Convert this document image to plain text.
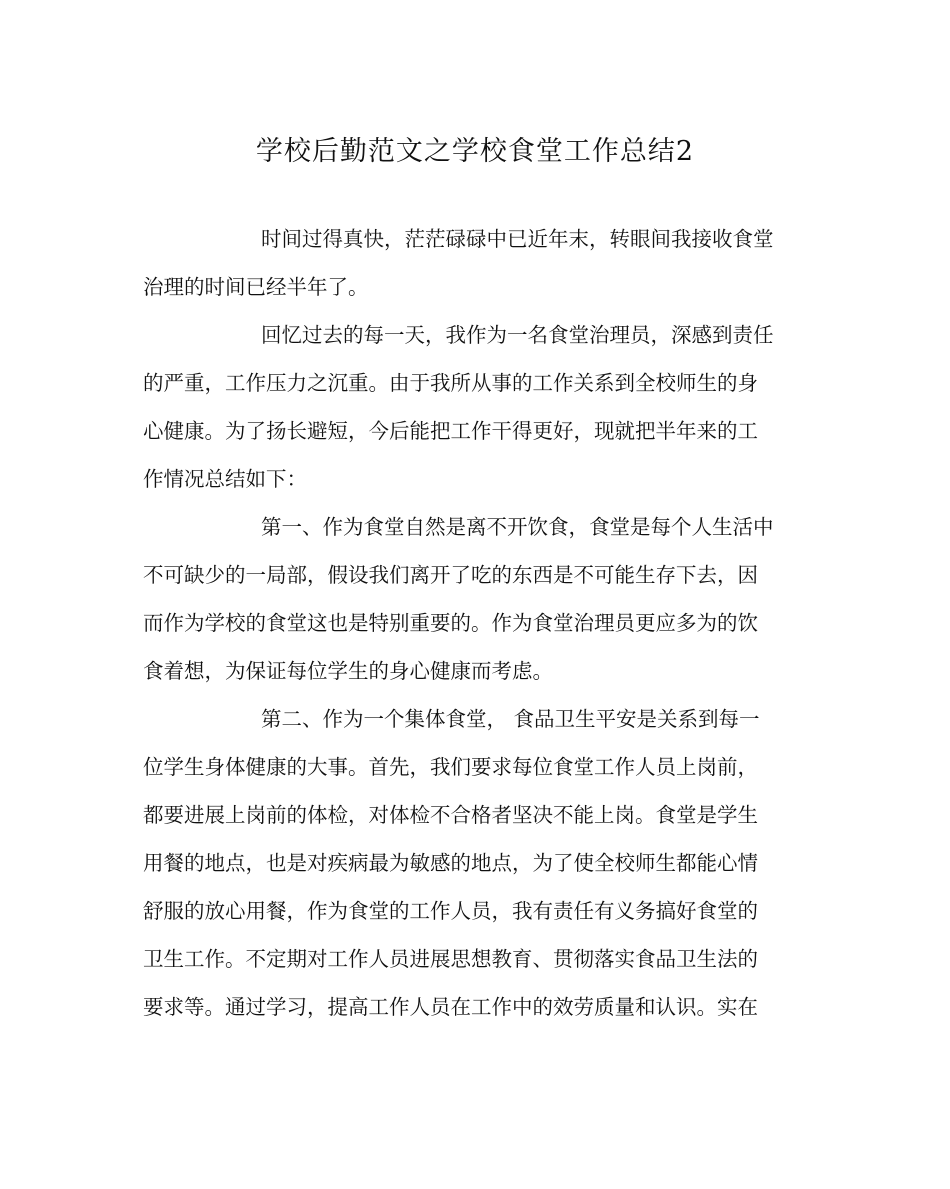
学校后勤范文之学校食堂工作总结2
时间过得真快，茫茫碌碌中已近年末，转眼间我接收食堂
治理的时间已经半年了。
回忆过去的每一天，我作为一名食堂治理员，深感到责任
的严重，工作压力之沉重。由于我所从事的工作关系到全校师生的身
心健康。为了扬长避短，今后能把工作干得更好，现就把半年来的工
作情况总结如下：
第一、作为食堂自然是离不开饮食，食堂是每个人生活中
不可缺少的一局部，假设我们离开了吃的东西是不可能生存下去，因
而作为学校的食堂这也是特别重要的。作为食堂治理员更应多为的饮
食着想，为保证每位学生的身心健康而考虑。
第二、作为一个集体食堂， 食品卫生平安是关系到每一
位学生身体健康的大事。首先，我们要求每位食堂工作人员上岗前，
都要进展上岗前的体检，对体检不合格者坚决不能上岗。食堂是学生
用餐的地点，也是对疾病最为敏感的地点，为了使全校师生都能心情
舒服的放心用餐，作为食堂的工作人员，我有责任有义务搞好食堂的
卫生工作。不定期对工作人员进展思想教育、贯彻落实食品卫生法的
要求等。通过学习，提高工作人员在工作中的效劳质量和认识。实在
